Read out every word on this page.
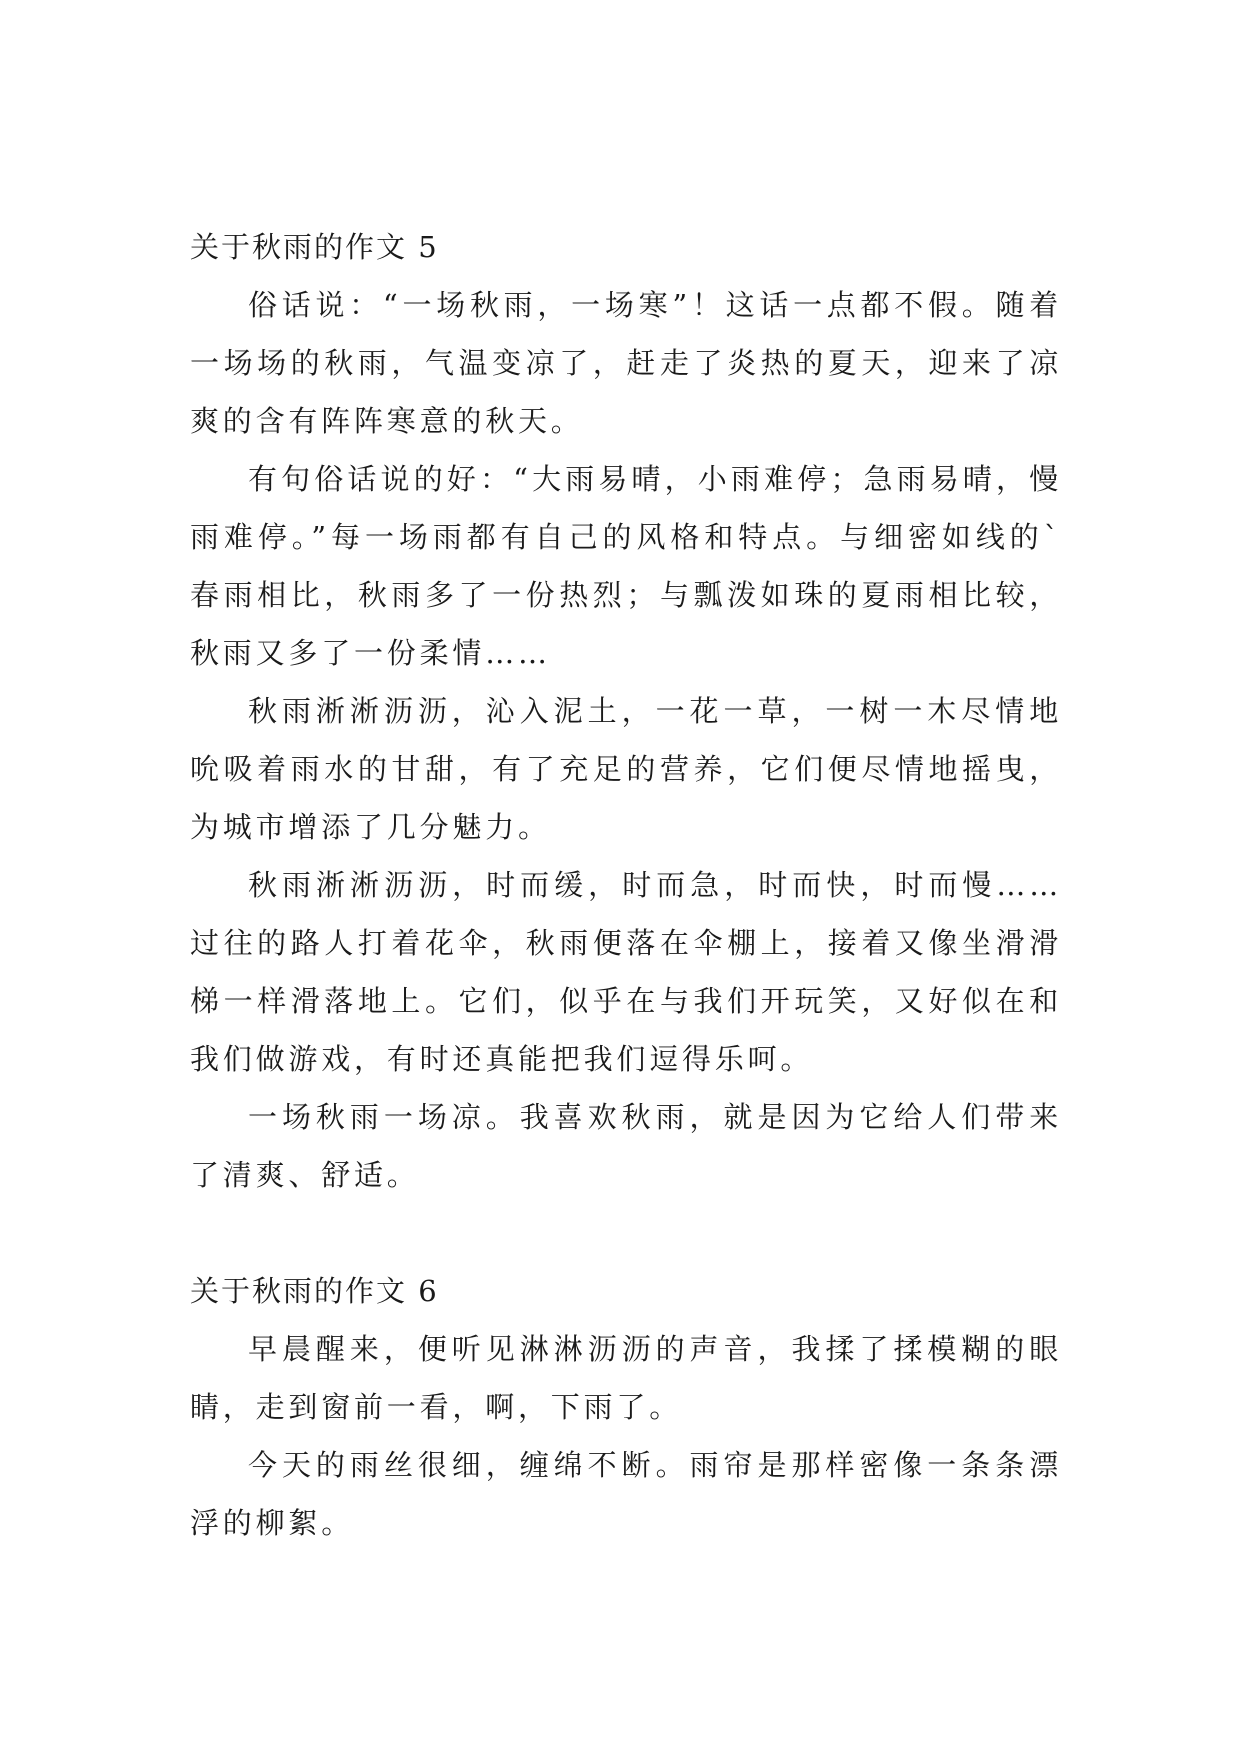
关于秋雨的作文 5

俗话说：“一场秋雨，一场寒”！这话一点都不假。随着一场场的秋雨，气温变凉了，赶走了炎热的夏天，迎来了凉爽的含有阵阵寒意的秋天。

有句俗话说的好：“大雨易晴，小雨难停；急雨易晴，慢雨难停。”每一场雨都有自己的风格和特点。与细密如线的`春雨相比，秋雨多了一份热烈；与瓢泼如珠的夏雨相比较，秋雨又多了一份柔情……

秋雨淅淅沥沥，沁入泥土，一花一草，一树一木尽情地吮吸着雨水的甘甜，有了充足的营养，它们便尽情地摇曳，为城市增添了几分魅力。

秋雨淅淅沥沥，时而缓，时而急，时而快，时而慢……过往的路人打着花伞，秋雨便落在伞棚上，接着又像坐滑滑梯一样滑落地上。它们，似乎在与我们开玩笑，又好似在和我们做游戏，有时还真能把我们逗得乐呵。

一场秋雨一场凉。我喜欢秋雨，就是因为它给人们带来了清爽、舒适。

关于秋雨的作文 6

早晨醒来，便听见淋淋沥沥的声音，我揉了揉模糊的眼睛，走到窗前一看，啊，下雨了。

今天的雨丝很细，缠绵不断。雨帘是那样密像一条条漂浮的柳絮。
